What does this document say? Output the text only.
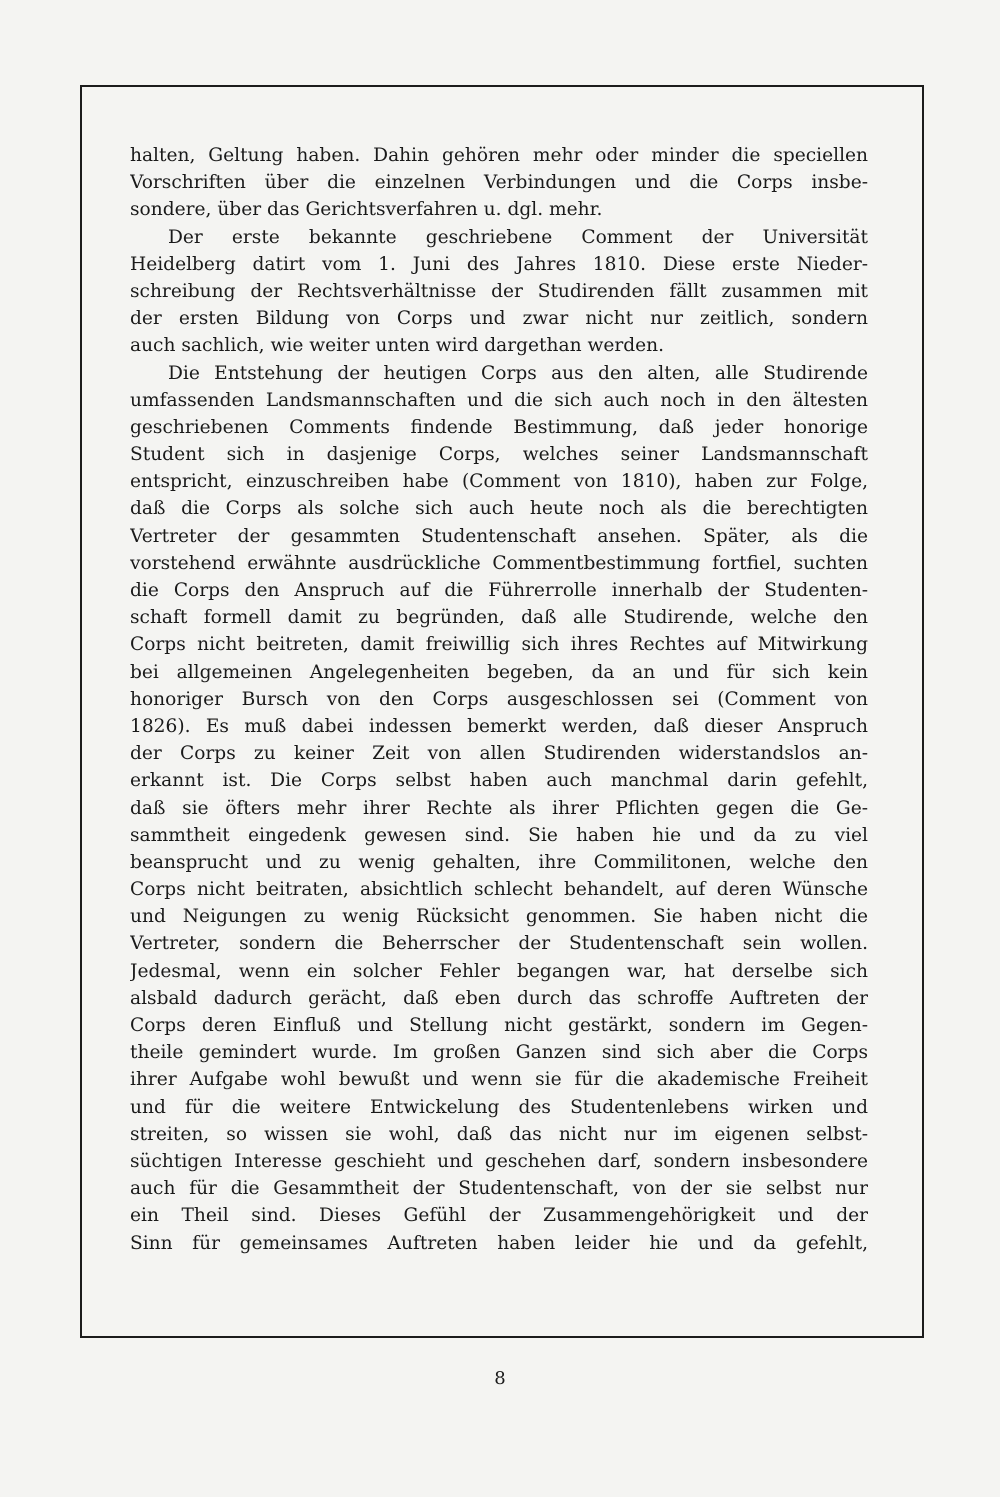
halten, Geltung haben. Dahin gehören mehr oder minder die speciellen
Vorschriften über die einzelnen Verbindungen und die Corps insbe-
sondere, über das Gerichtsverfahren u. dgl. mehr.
Der erste bekannte geschriebene Comment der Universität
Heidelberg datirt vom 1. Juni des Jahres 1810. Diese erste Nieder-
schreibung der Rechtsverhältnisse der Studirenden fällt zusammen mit
der ersten Bildung von Corps und zwar nicht nur zeitlich, sondern
auch sachlich, wie weiter unten wird dargethan werden.
Die Entstehung der heutigen Corps aus den alten, alle Studirende
umfassenden Landsmannschaften und die sich auch noch in den ältesten
geschriebenen Comments findende Bestimmung, daß jeder honorige
Student sich in dasjenige Corps, welches seiner Landsmannschaft
entspricht, einzuschreiben habe (Comment von 1810), haben zur Folge,
daß die Corps als solche sich auch heute noch als die berechtigten
Vertreter der gesammten Studentenschaft ansehen. Später, als die
vorstehend erwähnte ausdrückliche Commentbestimmung fortfiel, suchten
die Corps den Anspruch auf die Führerrolle innerhalb der Studenten-
schaft formell damit zu begründen, daß alle Studirende, welche den
Corps nicht beitreten, damit freiwillig sich ihres Rechtes auf Mitwirkung
bei allgemeinen Angelegenheiten begeben, da an und für sich kein
honoriger Bursch von den Corps ausgeschlossen sei (Comment von
1826). Es muß dabei indessen bemerkt werden, daß dieser Anspruch
der Corps zu keiner Zeit von allen Studirenden widerstandslos an-
erkannt ist. Die Corps selbst haben auch manchmal darin gefehlt,
daß sie öfters mehr ihrer Rechte als ihrer Pflichten gegen die Ge-
sammtheit eingedenk gewesen sind. Sie haben hie und da zu viel
beansprucht und zu wenig gehalten, ihre Commilitonen, welche den
Corps nicht beitraten, absichtlich schlecht behandelt, auf deren Wünsche
und Neigungen zu wenig Rücksicht genommen. Sie haben nicht die
Vertreter, sondern die Beherrscher der Studentenschaft sein wollen.
Jedesmal, wenn ein solcher Fehler begangen war, hat derselbe sich
alsbald dadurch gerächt, daß eben durch das schroffe Auftreten der
Corps deren Einfluß und Stellung nicht gestärkt, sondern im Gegen-
theile gemindert wurde. Im großen Ganzen sind sich aber die Corps
ihrer Aufgabe wohl bewußt und wenn sie für die akademische Freiheit
und für die weitere Entwickelung des Studentenlebens wirken und
streiten, so wissen sie wohl, daß das nicht nur im eigenen selbst-
süchtigen Interesse geschieht und geschehen darf, sondern insbesondere
auch für die Gesammtheit der Studentenschaft, von der sie selbst nur
ein Theil sind. Dieses Gefühl der Zusammengehörigkeit und der
Sinn für gemeinsames Auftreten haben leider hie und da gefehlt,
8
